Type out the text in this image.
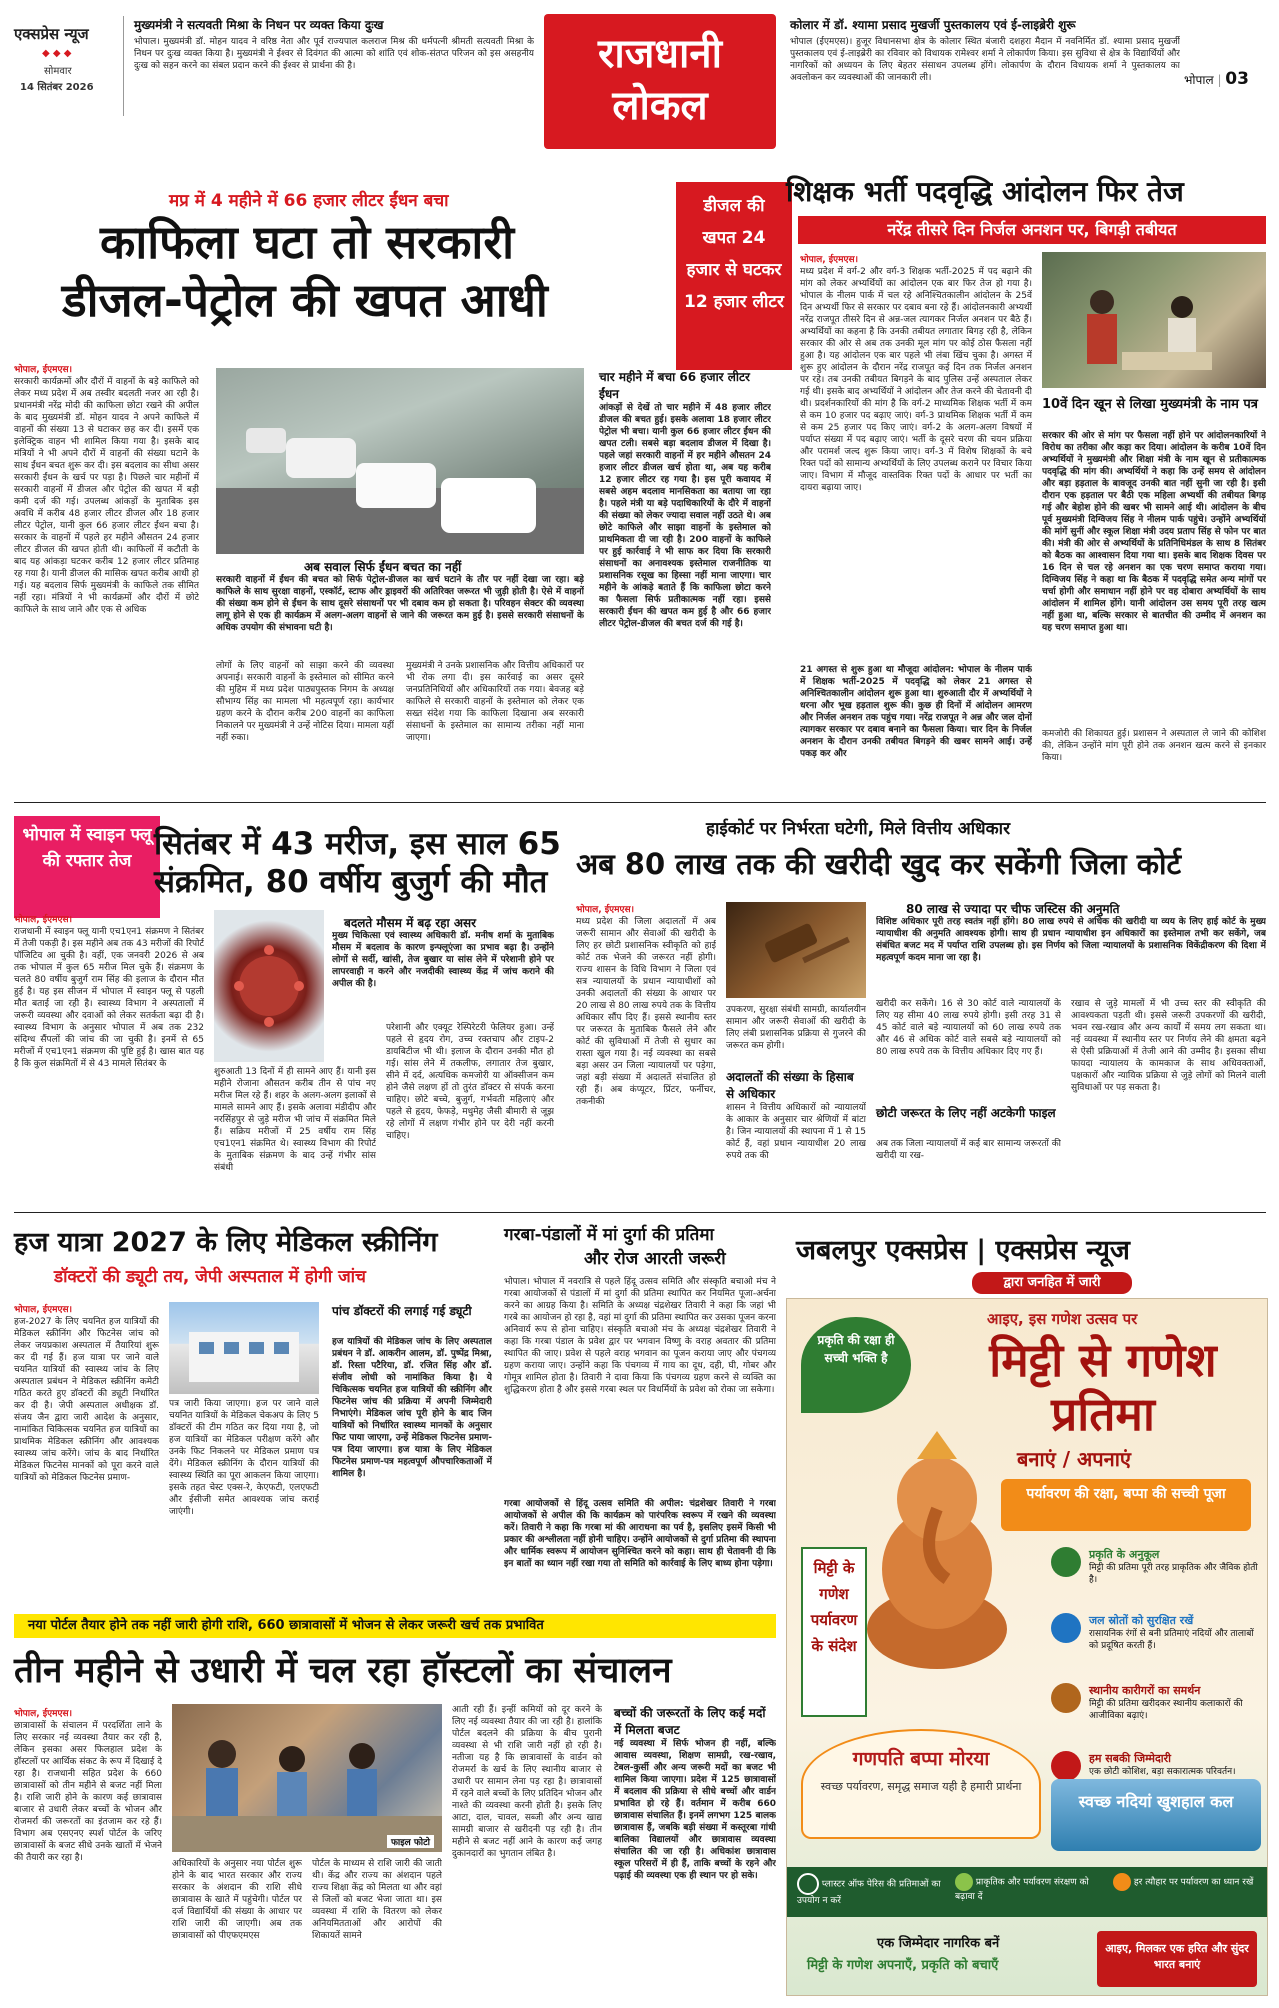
एक्सप्रेस न्यूज
◆ ◆ ◆
सोमवार
14 सितंबर 2026
मुख्यमंत्री ने सत्यवती मिश्रा के निधन पर व्यक्त किया दुःख
भोपाल। मुख्यमंत्री डॉ. मोहन यादव ने वरिष्ठ नेता और पूर्व राज्यपाल कलराज मिश्र की धर्मपत्नी श्रीमती सत्यवती मिश्रा के निधन पर दुःख व्यक्त किया है। मुख्यमंत्री ने ईश्वर से दिवंगत की आत्मा को शांति एवं शोक-संतप्त परिजन को इस असहनीय दुःख को सहन करने का संबल प्रदान करने की ईश्वर से प्रार्थना की है।	राजधानी लोकल
कोलार में डॉ. श्यामा प्रसाद मुखर्जी पुस्तकालय एवं ई-लाइब्रेरी शुरू
भोपाल (ईएमएस)। हुजूर विधानसभा क्षेत्र के कोलार स्थित बंजारी दशहरा मैदान में नवनिर्मित डॉ. श्यामा प्रसाद मुखर्जी पुस्तकालय एवं ई-लाइब्रेरी का रविवार को विधायक रामेश्वर शर्मा ने लोकार्पण किया। इस सुविधा से क्षेत्र के विद्यार्थियों और नागरिकों को अध्ययन के लिए बेहतर संसाधन उपलब्ध होंगे। लोकार्पण के दौरान विधायक शर्मा ने पुस्तकालय का अवलोकन कर व्यवस्थाओं की जानकारी ली।	भोपाल | 03
मप्र में 4 महीने में 66 हजार लीटर ईंधन बचा
काफिला घटा तो सरकारी
डीजल-पेट्रोल की खपत आधी
डीजल की खपत 24 हजार से घटकर 12 हजार लीटर
भोपाल, ईएमएस।
सरकारी कार्यक्रमों और दौरों में वाहनों के बड़े काफिले को लेकर मध्य प्रदेश में अब तस्वीर बदलती नजर आ रही है। प्रधानमंत्री नरेंद्र मोदी की काफिला छोटा रखने की अपील के बाद मुख्यमंत्री डॉ. मोहन यादव ने अपने काफिले में वाहनों की संख्या 13 से घटाकर छह कर दी। इसमें एक इलेक्ट्रिक वाहन भी शामिल किया गया है। इसके बाद मंत्रियों ने भी अपने दौरों में वाहनों की संख्या घटाने के साथ ईंधन बचत शुरू कर दी। इस बदलाव का सीधा असर सरकारी ईंधन के खर्च पर पड़ा है। पिछले चार महीनों में सरकारी वाहनों में डीजल और पेट्रोल की खपत में बड़ी कमी दर्ज की गई। उपलब्ध आंकड़ों के मुताबिक इस अवधि में करीब 48 हजार लीटर डीजल और 18 हजार लीटर पेट्रोल, यानी कुल 66 हजार लीटर ईंधन बचा है। सरकार के वाहनों में पहले हर महीने औसतन 24 हजार लीटर डीजल की खपत होती थी। काफिलों में कटौती के बाद यह आंकड़ा घटकर करीब 12 हजार लीटर प्रतिमाह रह गया है। यानी डीजल की मासिक खपत करीब आधी हो गई। यह बदलाव सिर्फ मुख्यमंत्री के काफिले तक सीमित नहीं रहा। मंत्रियों ने भी कार्यक्रमों और दौरों में छोटे काफिले के साथ जाने और एक से अधिक
अब सवाल सिर्फ ईंधन बचत का नहीं
सरकारी वाहनों में ईंधन की बचत को सिर्फ पेट्रोल-डीजल का खर्च घटाने के तौर पर नहीं देखा जा रहा। बड़े काफिले के साथ सुरक्षा वाहनों, एस्कॉर्ट, स्टाफ और ड्राइवरों की अतिरिक्त जरूरत भी जुड़ी होती है। ऐसे में वाहनों की संख्या कम होने से ईंधन के साथ दूसरे संसाधनों पर भी दबाव कम हो सकता है। परिवहन सेक्टर की व्यवस्था लागू होने से एक ही कार्यक्रम में अलग-अलग वाहनों से जाने की जरूरत कम हुई है। इससे सरकारी संसाधनों के अधिक उपयोग की संभावना घटी है।
लोगों के लिए वाहनों को साझा करने की व्यवस्था अपनाई। सरकारी वाहनों के इस्तेमाल को सीमित करने की मुहिम में मध्य प्रदेश पाठ्यपुस्तक निगम के अध्यक्ष सौभाग्य सिंह का मामला भी महत्वपूर्ण रहा। कार्यभार ग्रहण करने के दौरान करीब 200 वाहनों का काफिला निकालने पर मुख्यमंत्री ने उन्हें नोटिस दिया। मामला यहीं नहीं रुका।
मुख्यमंत्री ने उनके प्रशासनिक और वित्तीय अधिकारों पर भी रोक लगा दी। इस कार्रवाई का असर दूसरे जनप्रतिनिधियों और अधिकारियों तक गया। बेवजह बड़े काफिले से सरकारी वाहनों के इस्तेमाल को लेकर एक सख्त संदेश गया कि काफिला दिखाना अब सरकारी संसाधनों के इस्तेमाल का सामान्य तरीका नहीं माना जाएगा।
चार महीने में बचा 66 हजार लीटर ईंधन
आंकड़ों से देखें तो चार महीने में 48 हजार लीटर डीजल की बचत हुई। इसके अलावा 18 हजार लीटर पेट्रोल भी बचा। यानी कुल 66 हजार लीटर ईंधन की खपत टली। सबसे बड़ा बदलाव डीजल में दिखा है। पहले जहां सरकारी वाहनों में हर महीने औसतन 24 हजार लीटर डीजल खर्च होता था, अब यह करीब 12 हजार लीटर रह गया है। इस पूरी कवायद में सबसे अहम बदलाव मानसिकता का बताया जा रहा है। पहले मंत्री या बड़े पदाधिकारियों के दौरे में वाहनों की संख्या को लेकर ज्यादा सवाल नहीं उठते थे। अब छोटे काफिले और साझा वाहनों के इस्तेमाल को प्राथमिकता दी जा रही है। 200 वाहनों के काफिले पर हुई कार्रवाई ने भी साफ कर दिया कि सरकारी संसाधनों का अनावश्यक इस्तेमाल राजनीतिक या प्रशासनिक रसूख का हिस्सा नहीं माना जाएगा। चार महीने के आंकड़े बताते हैं कि काफिला छोटा करने का फैसला सिर्फ प्रतीकात्मक नहीं रहा। इससे सरकारी ईंधन की खपत कम हुई है और 66 हजार लीटर पेट्रोल-डीजल की बचत दर्ज की गई है।
शिक्षक भर्ती पदवृद्धि आंदोलन फिर तेज
नरेंद्र तीसरे दिन निर्जल अनशन पर, बिगड़ी तबीयत
भोपाल, ईएमएस।
मध्य प्रदेश में वर्ग-2 और वर्ग-3 शिक्षक भर्ती-2025 में पद बढ़ाने की मांग को लेकर अभ्यर्थियों का आंदोलन एक बार फिर तेज हो गया है। भोपाल के नीलम पार्क में चल रहे अनिश्चितकालीन आंदोलन के 25वें दिन अभ्यर्थी फिर से सरकार पर दबाव बना रहे हैं। आंदोलनकारी अभ्यर्थी नरेंद्र राजपूत तीसरे दिन से अन्न-जल त्यागकर निर्जल अनशन पर बैठे हैं। अभ्यर्थियों का कहना है कि उनकी तबीयत लगातार बिगड़ रही है, लेकिन सरकार की ओर से अब तक उनकी मूल मांग पर कोई ठोस फैसला नहीं हुआ है। यह आंदोलन एक बार पहले भी लंबा खिंच चुका है। अगस्त में शुरू हुए आंदोलन के दौरान नरेंद्र राजपूत कई दिन तक निर्जल अनशन पर रहे। तब उनकी तबीयत बिगड़ने के बाद पुलिस उन्हें अस्पताल लेकर गई थी। इसके बाद अभ्यर्थियों ने आंदोलन और तेज करने की चेतावनी दी थी। प्रदर्शनकारियों की मांग है कि वर्ग-2 माध्यमिक शिक्षक भर्ती में कम से कम 10 हजार पद बढ़ाए जाएं। वर्ग-3 प्राथमिक शिक्षक भर्ती में कम से कम 25 हजार पद किए जाएं। वर्ग-2 के अलग-अलग विषयों में पर्याप्त संख्या में पद बढ़ाए जाएं। भर्ती के दूसरे चरण की चयन प्रक्रिया और परामर्श जल्द शुरू किया जाए। वर्ग-3 में विशेष शिक्षकों के बचे रिक्त पदों को सामान्य अभ्यर्थियों के लिए उपलब्ध कराने पर विचार किया जाए। विभाग में मौजूद वास्तविक रिक्त पदों के आधार पर भर्ती का दायरा बढ़ाया जाए।
21 अगस्त से शुरू हुआ था मौजूदा आंदोलन: भोपाल के नीलम पार्क में शिक्षक भर्ती-2025 में पदवृद्धि को लेकर 21 अगस्त से अनिश्चितकालीन आंदोलन शुरू हुआ था। शुरुआती दौर में अभ्यर्थियों ने धरना और भूख हड़ताल शुरू की। कुछ ही दिनों में आंदोलन आमरण और निर्जल अनशन तक पहुंच गया। नरेंद्र राजपूत ने अन्न और जल दोनों त्यागकर सरकार पर दबाव बनाने का फैसला किया। चार दिन के निर्जल अनशन के दौरान उनकी तबीयत बिगड़ने की खबर सामने आई। उन्हें पकड़ कर और
10वें दिन खून से लिखा मुख्यमंत्री के नाम पत्र
सरकार की ओर से मांग पर फैसला नहीं होने पर आंदोलनकारियों ने विरोध का तरीका और कड़ा कर दिया। आंदोलन के करीब 10वें दिन अभ्यर्थियों ने मुख्यमंत्री और शिक्षा मंत्री के नाम खून से प्रतीकात्मक पदवृद्धि की मांग की। अभ्यर्थियों ने कहा कि उन्हें समय से आंदोलन और बड़ा हड़ताल के बावजूद उनकी बात नहीं सुनी जा रही है। इसी दौरान एक हड़ताल पर बैठी एक महिला अभ्यर्थी की तबीयत बिगड़ गई और बेहोश होने की खबर भी सामने आई थी। आंदोलन के बीच पूर्व मुख्यमंत्री दिग्विजय सिंह ने नीलम पार्क पहुंचे। उन्होंने अभ्यर्थियों की मांगें सुनीं और स्कूल शिक्षा मंत्री उदय प्रताप सिंह से फोन पर बात की। मंत्री की ओर से अभ्यर्थियों के प्रतिनिधिमंडल के साथ 8 सितंबर को बैठक का आश्वासन दिया गया था। इसके बाद शिक्षक दिवस पर 16 दिन से चल रहे अनशन का एक चरण समाप्त कराया गया। दिग्विजय सिंह ने कहा था कि बैठक में पदवृद्धि समेत अन्य मांगों पर चर्चा होगी और समाधान नहीं होने पर वह दोबारा अभ्यर्थियों के साथ आंदोलन में शामिल होंगे। यानी आंदोलन उस समय पूरी तरह खत्म नहीं हुआ था, बल्कि सरकार से बातचीत की उम्मीद में अनशन का यह चरण समाप्त हुआ था।
कमजोरी की शिकायत हुई। प्रशासन ने अस्पताल ले जाने की कोशिश की, लेकिन उन्होंने मांग पूरी होने तक अनशन खत्म करने से इनकार किया।
भोपाल में स्वाइन फ्लू की रफ्तार तेज सितंबर में 43 मरीज, इस साल 65
संक्रमित, 80 वर्षीय बुजुर्ग की मौत
भोपाल, ईएमएस।
राजधानी में स्वाइन फ्लू यानी एच1एन1 संक्रमण ने सितंबर में तेजी पकड़ी है। इस महीने अब तक 43 मरीजों की रिपोर्ट पॉजिटिव आ चुकी है। वहीं, एक जनवरी 2026 से अब तक भोपाल में कुल 65 मरीज मिल चुके हैं। संक्रमण के चलते 80 वर्षीय बुजुर्ग राम सिंह की इलाज के दौरान मौत हुई है। यह इस सीजन में भोपाल में स्वाइन फ्लू से पहली मौत बताई जा रही है। स्वास्थ्य विभाग ने अस्पतालों में जरूरी व्यवस्था और दवाओं को लेकर सतर्कता बढ़ा दी है। स्वास्थ्य विभाग के अनुसार भोपाल में अब तक 232 संदिग्ध सैंपलों की जांच की जा चुकी है। इनमें से 65 मरीजों में एच1एन1 संक्रमण की पुष्टि हुई है। खास बात यह है कि कुल संक्रमितों में से 43 मामले सितंबर के
बदलते मौसम में बढ़ रहा असर
मुख्य चिकित्सा एवं स्वास्थ्य अधिकारी डॉ. मनीष शर्मा के मुताबिक मौसम में बदलाव के कारण इन्फ्लूएंजा का प्रभाव बढ़ा है। उन्होंने लोगों से सर्दी, खांसी, तेज बुखार या सांस लेने में परेशानी होने पर लापरवाही न करने और नजदीकी स्वास्थ्य केंद्र में जांच कराने की अपील की है।
शुरुआती 13 दिनों में ही सामने आए हैं। यानी इस महीने रोजाना औसतन करीब तीन से पांच नए मरीज मिल रहे हैं। शहर के अलग-अलग इलाकों से मामले सामने आए हैं। इसके अलावा मंडीदीप और नरसिंहपुर से जुड़े मरीज भी जांच में संक्रमित मिले हैं। सक्रिय मरीजों में 25 वर्षीय राम सिंह एच1एन1 संक्रमित थे। स्वास्थ्य विभाग की रिपोर्ट के मुताबिक संक्रमण के बाद उन्हें गंभीर सांस संबंधी
परेशानी और एक्यूट रेस्पिरेटरी फेलियर हुआ। उन्हें पहले से हृदय रोग, उच्च रक्तचाप और टाइप-2 डायबिटीज भी थी। इलाज के दौरान उनकी मौत हो गई। सांस लेने में तकलीफ, लगातार तेज बुखार, सीने में दर्द, अत्यधिक कमजोरी या ऑक्सीजन कम होने जैसे लक्षण हों तो तुरंत डॉक्टर से संपर्क करना चाहिए। छोटे बच्चे, बुजुर्ग, गर्भवती महिलाएं और पहले से हृदय, फेफड़े, मधुमेह जैसी बीमारी से जूझ रहे लोगों में लक्षण गंभीर होने पर देरी नहीं करनी चाहिए।
हाईकोर्ट पर निर्भरता घटेगी, मिले वित्तीय अधिकार
अब 80 लाख तक की खरीदी खुद कर सकेंगी जिला कोर्ट
भोपाल, ईएमएस।
मध्य प्रदेश की जिला अदालतों में अब जरूरी सामान और सेवाओं की खरीदी के लिए हर छोटी प्रशासनिक स्वीकृति को हाई कोर्ट तक भेजने की जरूरत नहीं होगी। राज्य शासन के विधि विभाग ने जिला एवं सत्र न्यायालयों के प्रधान न्यायाधीशों को उनकी अदालतों की संख्या के आधार पर 20 लाख से 80 लाख रुपये तक के वित्तीय अधिकार सौंप दिए हैं। इससे स्थानीय स्तर पर जरूरत के मुताबिक फैसले लेने और कोर्ट की सुविधाओं में तेजी से सुधार का रास्ता खुल गया है। नई व्यवस्था का सबसे बड़ा असर उन जिला न्यायालयों पर पड़ेगा, जहां बड़ी संख्या में अदालतें संचालित हो रही हैं। अब कंप्यूटर, प्रिंटर, फर्नीचर, तकनीकी
उपकरण, सुरक्षा संबंधी सामग्री, कार्यालयीन सामान और जरूरी सेवाओं की खरीदी के लिए लंबी प्रशासनिक प्रक्रिया से गुजरने की जरूरत कम होगी।
अदालतों की संख्या के हिसाब से अधिकार
शासन ने वित्तीय अधिकारों को न्यायालयों के आकार के अनुसार चार श्रेणियों में बांटा है। जिन न्यायालयों की स्थापना में 1 से 15 कोर्ट हैं, वहां प्रधान न्यायाधीश 20 लाख रुपये तक की
80 लाख से ज्यादा पर चीफ जस्टिस की अनुमति
विशिष्ट अधिकार पूरी तरह स्वतंत्र नहीं होंगे। 80 लाख रुपये से अधिक की खरीदी या व्यय के लिए हाई कोर्ट के मुख्य न्यायाधीश की अनुमति आवश्यक होगी। साथ ही प्रधान न्यायाधीश इन अधिकारों का इस्तेमाल तभी कर सकेंगे, जब संबंधित बजट मद में पर्याप्त राशि उपलब्ध हो। इस निर्णय को जिला न्यायालयों के प्रशासनिक विकेंद्रीकरण की दिशा में महत्वपूर्ण कदम माना जा रहा है।
खरीदी कर सकेंगे। 16 से 30 कोर्ट वाले न्यायालयों के लिए यह सीमा 40 लाख रुपये होगी। इसी तरह 31 से 45 कोर्ट वाले बड़े न्यायालयों को 60 लाख रुपये तक और 46 से अधिक कोर्ट वाले सबसे बड़े न्यायालयों को 80 लाख रुपये तक के वित्तीय अधिकार दिए गए हैं।
छोटी जरूरत के लिए नहीं अटकेगी फाइल
अब तक जिला न्यायालयों में कई बार सामान्य जरूरतों की खरीदी या रख-
रखाव से जुड़े मामलों में भी उच्च स्तर की स्वीकृति की आवश्यकता पड़ती थी। इससे जरूरी उपकरणों की खरीदी, भवन रख-रखाव और अन्य कार्यों में समय लग सकता था। नई व्यवस्था में स्थानीय स्तर पर निर्णय लेने की क्षमता बढ़ने से ऐसी प्रक्रियाओं में तेजी आने की उम्मीद है। इसका सीधा फायदा न्यायालय के कामकाज के साथ अधिवक्ताओं, पक्षकारों और न्यायिक प्रक्रिया से जुड़े लोगों को मिलने वाली सुविधाओं पर पड़ सकता है।
हज यात्रा 2027 के लिए मेडिकल स्क्रीनिंग
डॉक्टरों की ड्यूटी तय, जेपी अस्पताल में होगी जांच
भोपाल, ईएमएस।
हज-2027 के लिए चयनित हज यात्रियों की मेडिकल स्क्रीनिंग और फिटनेस जांच को लेकर जयप्रकाश अस्पताल में तैयारियां शुरू कर दी गई हैं। हज यात्रा पर जाने वाले चयनित यात्रियों की स्वास्थ्य जांच के लिए अस्पताल प्रबंधन ने मेडिकल स्क्रीनिंग कमेटी गठित करते हुए डॉक्टरों की ड्यूटी निर्धारित कर दी है। जेपी अस्पताल अधीक्षक डॉ. संजय जैन द्वारा जारी आदेश के अनुसार, नामांकित चिकित्सक चयनित हज यात्रियों का प्राथमिक मेडिकल स्क्रीनिंग और आवश्यक स्वास्थ्य जांच करेंगे। जांच के बाद निर्धारित मेडिकल फिटनेस मानकों को पूरा करने वाले यात्रियों को मेडिकल फिटनेस प्रमाण-
पत्र जारी किया जाएगा। हज पर जाने वाले चयनित यात्रियों के मेडिकल चेकअप के लिए 5 डॉक्टरों की टीम गठित कर दिया गया है, जो हज यात्रियों का मेडिकल परीक्षण करेंगे और उनके फिट निकलने पर मेडिकल प्रमाण पत्र देंगे। मेडिकल स्क्रीनिंग के दौरान यात्रियों की स्वास्थ्य स्थिति का पूरा आकलन किया जाएगा। इसके तहत चेस्ट एक्स-रे, केएफटी, एलएफटी और ईसीजी समेत आवश्यक जांच कराई जाएंगी।
पांच डॉक्टरों की लगाई गई ड्यूटी
हज यात्रियों की मेडिकल जांच के लिए अस्पताल प्रबंधन ने डॉ. आकरीन आलम, डॉ. पुष्पेंद्र मिश्रा, डॉ. रिस्ता पटैरिया, डॉ. रजित सिंह और डॉ. संजीव लोधी को नामांकित किया है। ये चिकित्सक चयनित हज यात्रियों की स्क्रीनिंग और फिटनेस जांच की प्रक्रिया में अपनी जिम्मेदारी निभाएंगे। मेडिकल जांच पूरी होने के बाद जिन यात्रियों को निर्धारित स्वास्थ्य मानकों के अनुसार फिट पाया जाएगा, उन्हें मेडिकल फिटनेस प्रमाण-पत्र दिया जाएगा। हज यात्रा के लिए मेडिकल फिटनेस प्रमाण-पत्र महत्वपूर्ण औपचारिकताओं में शामिल है।
गरबा-पंडालों में मां दुर्गा की प्रतिमा
और रोज आरती जरूरी
भोपाल। भोपाल में नवरात्रि से पहले हिंदू उत्सव समिति और संस्कृति बचाओ मंच ने गरबा आयोजकों से पंडालों में मां दुर्गा की प्रतिमा स्थापित कर नियमित पूजा-अर्चना करने का आग्रह किया है। समिति के अध्यक्ष चंद्रशेखर तिवारी ने कहा कि जहां भी गरबे का आयोजन हो रहा है, वहां मां दुर्गा की प्रतिमा स्थापित कर उसका पूजन करना अनिवार्य रूप से होना चाहिए। संस्कृति बचाओ मंच के अध्यक्ष चंद्रशेखर तिवारी ने कहा कि गरबा पंडाल के प्रवेश द्वार पर भगवान विष्णु के वराह अवतार की प्रतिमा स्थापित की जाए। प्रवेश से पहले वराह भगवान का पूजन कराया जाए और पंचगव्य ग्रहण कराया जाए। उन्होंने कहा कि पंचगव्य में गाय का दूध, दही, घी, गोबर और गोमूत्र शामिल होता है। तिवारी ने दावा किया कि पंचगव्य ग्रहण करने से व्यक्ति का शुद्धिकरण होता है और इससे गरबा स्थल पर विधर्मियों के प्रवेश को रोका जा सकेगा।
गरबा आयोजकों से हिंदू उत्सव समिति की अपील: चंद्रशेखर तिवारी ने गरबा आयोजकों से अपील की कि कार्यक्रम को पारंपरिक स्वरूप में रखने की व्यवस्था करें। तिवारी ने कहा कि गरबा मां की आराधना का पर्व है, इसलिए इसमें किसी भी प्रकार की अश्लीलता नहीं होनी चाहिए। उन्होंने आयोजकों से दुर्गा प्रतिमा की स्थापना और धार्मिक स्वरूप में आयोजन सुनिश्चित करने को कहा। साथ ही चेतावनी दी कि इन बातों का ध्यान नहीं रखा गया तो समिति को कार्रवाई के लिए बाध्य होना पड़ेगा।
जबलपुर एक्सप्रेस | एक्सप्रेस न्यूज
द्वारा जनहित में जारी
प्रकृति की रक्षा ही सच्ची भक्ति है
आइए, इस गणेश उत्सव पर
मिट्टी से गणेश प्रतिमा
बनाएं / अपनाएं
पर्यावरण की रक्षा, बप्पा की सच्ची पूजा
मिट्टी के गणेश पर्यावरण के संदेश
प्रकृति के अनुकूल
मिट्टी की प्रतिमा पूरी तरह प्राकृतिक और जैविक होती है।
जल स्रोतों को सुरक्षित रखें
रासायनिक रंगों से बनी प्रतिमाएं नदियों और तालाबों को प्रदूषित करती हैं।
स्थानीय कारीगरों का समर्थन
मिट्टी की प्रतिमा खरीदकर स्थानीय कलाकारों की आजीविका बढ़ाएं।
हम सबकी जिम्मेदारी
एक छोटी कोशिश, बड़ा सकारात्मक परिवर्तन।
गणपति बप्पा मोरया
स्वच्छ पर्यावरण, समृद्ध समाज यही है हमारी प्रार्थना
स्वच्छ नदियां खुशहाल कल
प्लास्टर ऑफ पेरिस की प्रतिमाओं का उपयोग न करें
प्राकृतिक और पर्यावरण संरक्षण को बढ़ावा दें
हर त्यौहार पर पर्यावरण का ध्यान रखें
एक जिम्मेदार नागरिक बनें
मिट्टी के गणेश अपनाएँ, प्रकृति को बचाएँ
आइए, मिलकर एक हरित और सुंदर भारत बनाएं
नया पोर्टल तैयार होने तक नहीं जारी होगी राशि, 660 छात्रावासों में भोजन से लेकर जरूरी खर्च तक प्रभावित
तीन महीने से उधारी में चल रहा हॉस्टलों का संचालन
भोपाल, ईएमएस।
छात्रावासों के संचालन में परदर्शिता लाने के लिए सरकार नई व्यवस्था तैयार कर रही है, लेकिन इसका असर फिलहाल प्रदेश के हॉस्टलों पर आर्थिक संकट के रूप में दिखाई दे रहा है। राजधानी सहित प्रदेश के 660 छात्रावासों को तीन महीने से बजट नहीं मिला है। राशि जारी होने के कारण कई छात्रावास बाजार से उधारी लेकर बच्चों के भोजन और रोजमर्रा की जरूरतों का इंतजाम कर रहे हैं। विभाग अब एसएनए स्पर्श पोर्टल के जरिए छात्रावासों के बजट सीधे उनके खातों में भेजने की तैयारी कर रहा है।
फाइल फोटो
अधिकारियों के अनुसार नया पोर्टल शुरू होने के बाद भारत सरकार और राज्य सरकार के अंशदान की राशि सीधे छात्रावास के खाते में पहुंचेगी। पोर्टल पर दर्ज विद्यार्थियों की संख्या के आधार पर राशि जारी की जाएगी। अब तक छात्रावासों को पीएफएमएस
पोर्टल के माध्यम से राशि जारी की जाती थी। केंद्र और राज्य का अंशदान पहले राज्य शिक्षा केंद्र को मिलता था और वहां से जिलों को बजट भेजा जाता था। इस व्यवस्था में राशि के वितरण को लेकर अनियमितताओं और आरोपों की शिकायतें सामने
आती रही हैं। इन्हीं कमियों को दूर करने के लिए नई व्यवस्था तैयार की जा रही है। हालांकि पोर्टल बदलने की प्रक्रिया के बीच पुरानी व्यवस्था से भी राशि जारी नहीं हो रही है। नतीजा यह है कि छात्रावासों के वार्डन को रोजमर्रा के खर्च के लिए स्थानीय बाजार से उधारी पर सामान लेना पड़ रहा है। छात्रावासों में रहने वाले बच्चों के लिए प्रतिदिन भोजन और नाश्ते की व्यवस्था करनी होती है। इसके लिए आटा, दाल, चावल, सब्जी और अन्य खाद्य सामग्री बाजार से खरीदनी पड़ रही है। तीन महीने से बजट नहीं आने के कारण कई जगह दुकानदारों का भुगतान लंबित है।
बच्चों की जरूरतों के लिए कई मदों में मिलता बजट
नई व्यवस्था में सिर्फ भोजन ही नहीं, बल्कि आवास व्यवस्था, शिक्षण सामग्री, रख-रखाव, टेबल-कुर्सी और अन्य जरूरी मदों का बजट भी शामिल किया जाएगा। प्रदेश में 125 छात्रावासों में बदलाव की प्रक्रिया से सीधे बच्चों और वार्डन प्रभावित हो रहे हैं। वर्तमान में करीब 660 छात्रावास संचालित हैं। इनमें लगभग 125 बालक छात्रावास हैं, जबकि बड़ी संख्या में कस्तूरबा गांधी बालिका विद्यालयों और छात्रावास व्यवस्था संचालित की जा रही है। अधिकांश छात्रावास स्कूल परिसरों में ही हैं, ताकि बच्चों के रहने और पढ़ाई की व्यवस्था एक ही स्थान पर हो सके।
